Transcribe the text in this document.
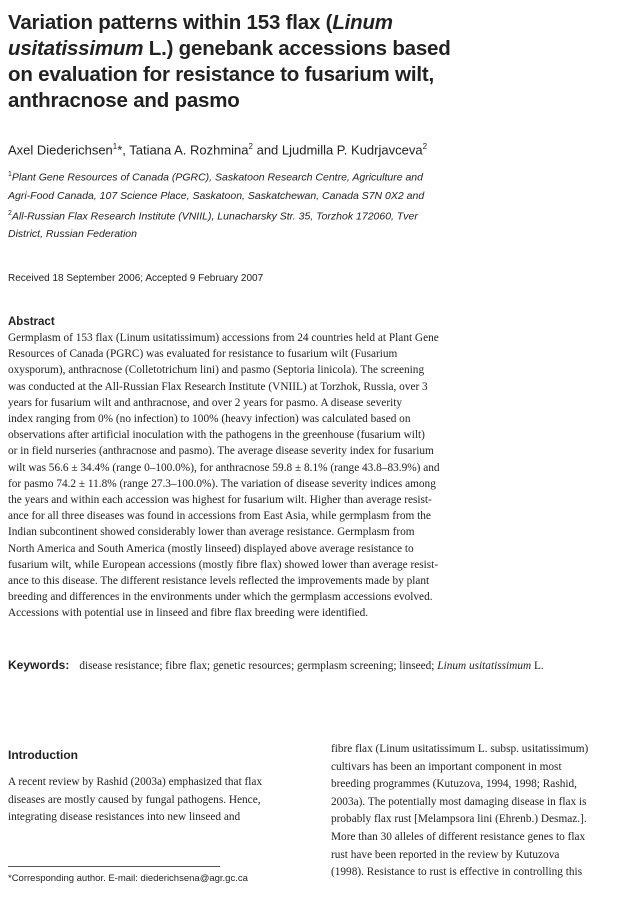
Variation patterns within 153 flax (Linum
usitatissimum L.) genebank accessions based
on evaluation for resistance to fusarium wilt,
anthracnose and pasmo
Axel Diederichsen$^1$*, Tatiana A. Rozhmina$^2$ and Ljudmilla P. Kudrjavceva$^2$
$^1$Plant Gene Resources of Canada (PGRC), Saskatoon Research Centre, Agriculture and
Agri-Food Canada, 107 Science Place, Saskatoon, Saskatchewan, Canada S7N 0X2 and
$^2$All-Russian Flax Research Institute (VNIIL), Lunacharsky Str. 35, Torzhok 172060, Tver
District, Russian Federation
Received 18 September 2006; Accepted 9 February 2007
Abstract
Germplasm of 153 flax (Linum usitatissimum) accessions from 24 countries held at Plant Gene
Resources of Canada (PGRC) was evaluated for resistance to fusarium wilt (Fusarium
oxysporum), anthracnose (Colletotrichum lini) and pasmo (Septoria linicola). The screening
was conducted at the All-Russian Flax Research Institute (VNIIL) at Torzhok, Russia, over 3
years for fusarium wilt and anthracnose, and over 2 years for pasmo. A disease severity
index ranging from 0% (no infection) to 100% (heavy infection) was calculated based on
observations after artificial inoculation with the pathogens in the greenhouse (fusarium wilt)
or in field nurseries (anthracnose and pasmo). The average disease severity index for fusarium
wilt was 56.6 ± 34.4% (range 0–100.0%), for anthracnose 59.8 ± 8.1% (range 43.8–83.9%) and
for pasmo 74.2 ± 11.8% (range 27.3–100.0%). The variation of disease severity indices among
the years and within each accession was highest for fusarium wilt. Higher than average resist-
ance for all three diseases was found in accessions from East Asia, while germplasm from the
Indian subcontinent showed considerably lower than average resistance. Germplasm from
North America and South America (mostly linseed) displayed above average resistance to
fusarium wilt, while European accessions (mostly fibre flax) showed lower than average resist-
ance to this disease. The different resistance levels reflected the improvements made by plant
breeding and differences in the environments under which the germplasm accessions evolved.
Accessions with potential use in linseed and fibre flax breeding were identified.
Keywords: disease resistance; fibre flax; genetic resources; germplasm screening; linseed; Linum usitatissimum L.
Introduction
A recent review by Rashid (2003a) emphasized that flax
diseases are mostly caused by fungal pathogens. Hence,
integrating disease resistances into new linseed and
fibre flax (Linum usitatissimum L. subsp. usitatissimum)
cultivars has been an important component in most
breeding programmes (Kutuzova, 1994, 1998; Rashid,
2003a). The potentially most damaging disease in flax is
probably flax rust [Melampsora lini (Ehrenb.) Desmaz.].
More than 30 alleles of different resistance genes to flax
rust have been reported in the review by Kutuzova
(1998). Resistance to rust is effective in controlling this
*Corresponding author. E-mail: diederichsena@agr.gc.ca
